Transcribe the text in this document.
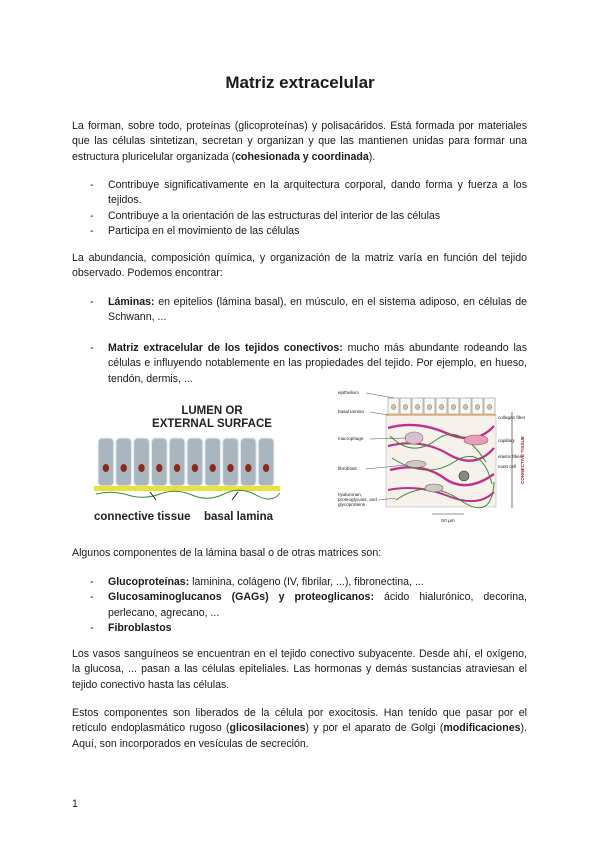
Matriz extracelular

La forman, sobre todo, proteínas (glicoproteínas) y polisacáridos. Está formada por materiales que las células sintetizan, secretan y organizan y que las mantienen unidas para formar una estructura pluricelular organizada (cohesionada y coordinada).

- Contribuye significativamente en la arquitectura corporal, dando forma y fuerza a los tejidos.
- Contribuye a la orientación de las estructuras del interior de las células
- Participa en el movimiento de las células

La abundancia, composición química, y organización de la matriz varía en función del tejido observado. Podemos encontrar:

- Láminas: en epitelios (lámina basal), en músculo, en el sistema adiposo, en células de Schwann, ...
- Matriz extracelular de los tejidos conectivos: mucho más abundante rodeando las células e influyendo notablemente en las propiedades del tejido. Por ejemplo, en hueso, tendón, dermis, ...
LUMEN OR
EXTERNAL SURFACE
connective tissue basal lamina
epithelium
basal lamina
macrophage
fibroblast
hyaluronan,
proteoglycans, and
glycoproteins
collagen fiber
capillary
elastic fiber
mast cell CONNECTIVE TISSUE
50 μm

Algunos componentes de la lámina basal o de otras matrices son:

- Glucoproteínas: laminina, colágeno (IV, fibrilar, ...), fibronectina, ...
- Glucosaminoglucanos (GAGs) y proteoglicanos: ácido hialurónico, decorina, perlecano, agrecano, ...
- Fibroblastos

Los vasos sanguíneos se encuentran en el tejido conectivo subyacente. Desde ahí, el oxígeno, la glucosa, ... pasan a las células epiteliales. Las hormonas y demás sustancias atraviesan el tejido conectivo hasta las células.

Estos componentes son liberados de la célula por exocitosis. Han tenido que pasar por el retículo endoplasmático rugoso (glicosilaciones) y por el aparato de Golgi (modificaciones). Aquí, son incorporados en vesículas de secreción.

1
